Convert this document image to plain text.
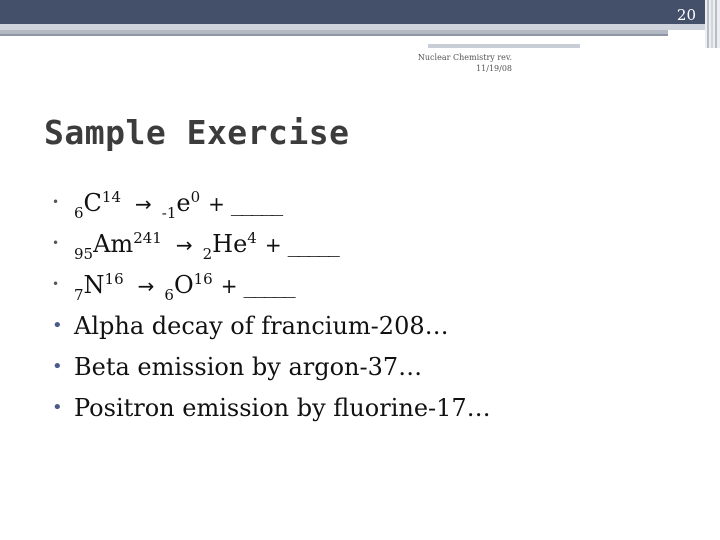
20
Nuclear Chemistry rev. 11/19/08
Sample Exercise
$•_6C^{14} \to _{-1}e^0$ + _____
$•_{95}Am^{241} \to _2He^4$ + _____
$•_7N^{16} \to _6O^{16}$ + _____
• Alpha decay of francium-208…
• Beta emission by argon-37…
• Positron emission by fluorine-17…
